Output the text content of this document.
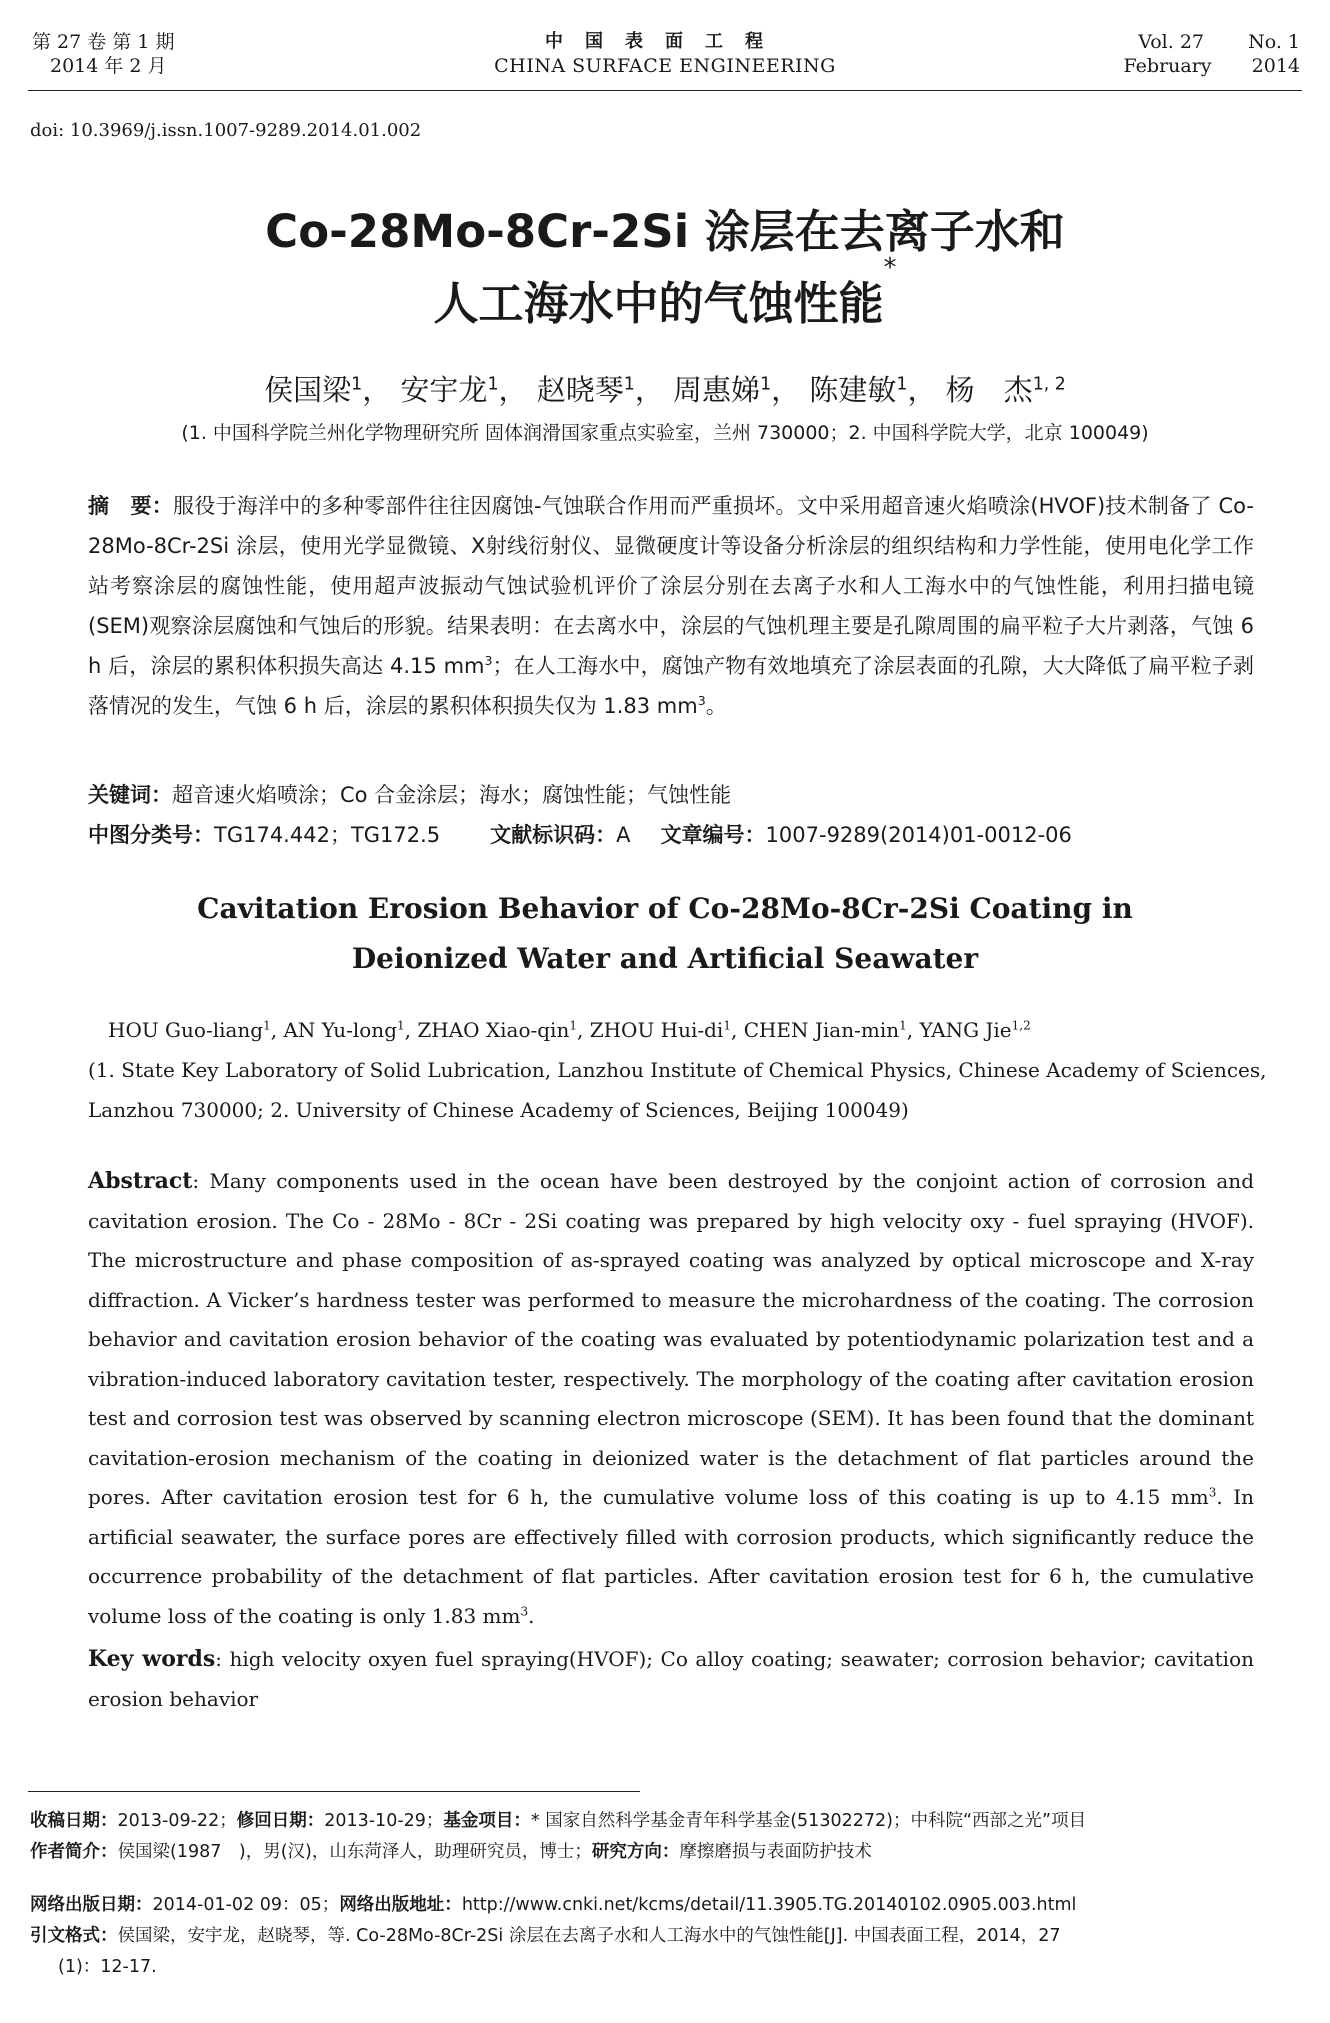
第 27 卷 第 1 期
2014 年 2 月
中国表面工程
CHINA SURFACE ENGINEERING
Vol. 27 No. 1
February 2014
doi: 10.3969/j.issn.1007-9289.2014.01.002
Co-28Mo-8Cr-2Si 涂层在去离子水和
人工海水中的气蚀性能*
侯国梁$^1$， 安宇龙$^1$， 赵晓琴$^1$， 周惠娣$^1$， 陈建敏$^1$， 杨　杰$^{1, 2}$
(1. 中国科学院兰州化学物理研究所 固体润滑国家重点实验室，兰州 730000；2. 中国科学院大学，北京 100049)
摘　要：服役于海洋中的多种零部件往往因腐蚀-气蚀联合作用而严重损坏。文中采用超音速火焰喷涂(HVOF)技术制备了 Co-28Mo-8Cr-2Si 涂层，使用光学显微镜、X射线衍射仪、显微硬度计等设备分析涂层的组织结构和力学性能，使用电化学工作站考察涂层的腐蚀性能，使用超声波振动气蚀试验机评价了涂层分别在去离子水和人工海水中的气蚀性能，利用扫描电镜(SEM)观察涂层腐蚀和气蚀后的形貌。结果表明：在去离水中，涂层的气蚀机理主要是孔隙周围的扁平粒子大片剥落，气蚀 6 h 后，涂层的累积体积损失高达 4.15 $mm^3$；在人工海水中，腐蚀产物有效地填充了涂层表面的孔隙，大大降低了扁平粒子剥落情况的发生，气蚀 6 h 后，涂层的累积体积损失仅为 1.83 $mm^3$。
关键词：超音速火焰喷涂；Co 合金涂层；海水；腐蚀性能；气蚀性能
中图分类号：TG174.442；TG172.5 文献标识码：A 文章编号：1007-9289(2014)01-0012-06
Cavitation Erosion Behavior of Co-28Mo-8Cr-2Si Coating in
Deionized Water and Artificial Seawater
HOU Guo-liang$^1$, AN Yu-long$^1$, ZHAO Xiao-qin$^1$, ZHOU Hui-$di^1$, CHEN Jian-$\min^1$, YANG Jie$^{1,2}$
(1. State Key Laboratory of Solid Lubrication, Lanzhou Institute of Chemical Physics, Chinese Academy of Sciences, Lanzhou 730000; 2. University of Chinese Academy of Sciences, Beijing 100049)
Abstract: Many components used in the ocean have been destroyed by the conjoint action of corrosion and cavitation erosion. The Co - 28Mo - 8Cr - 2Si coating was prepared by high velocity oxy - fuel spraying (HVOF). The microstructure and phase composition of as-sprayed coating was analyzed by optical microscope and X-ray diffraction. A Vicker’s hardness tester was performed to measure the microhardness of the coating. The corrosion behavior and cavitation erosion behavior of the coating was evaluated by potentiodynamic polarization test and a vibration-induced laboratory cavitation tester, respectively. The morphology of the coating after cavitation erosion test and corrosion test was observed by scanning electron microscope (SEM). It has been found that the dominant cavitation-erosion mechanism of the coating in deionized water is the detachment of flat particles around the pores. After cavitation erosion test for 6 h, the cumulative volume loss of this coating is up to 4.15 $mm^3$. In artificial seawater, the surface pores are effectively filled with corrosion products, which significantly reduce the occurrence probability of the detachment of flat particles. After cavitation erosion test for 6 h, the cumulative volume loss of the coating is only 1.83 $mm^3$.
Key words: high velocity oxyen fuel spraying(HVOF); Co alloy coating; seawater; corrosion behavior; cavitation erosion behavior
收稿日期：2013-09-22；修回日期：2013-10-29；基金项目：* 国家自然科学基金青年科学基金(51302272)；中科院“西部之光”项目
作者简介：侯国梁(1987　)，男(汉)，山东菏泽人，助理研究员，博士；研究方向：摩擦磨损与表面防护技术
网络出版日期：2014-01-02 09：05；网络出版地址：http://www.cnki.net/kcms/detail/11.3905.TG.20140102.0905.003.html
引文格式：侯国梁，安宇龙，赵晓琴，等. Co-28Mo-8Cr-2Si 涂层在去离子水和人工海水中的气蚀性能[J]. 中国表面工程，2014，27
(1)：12-17.
